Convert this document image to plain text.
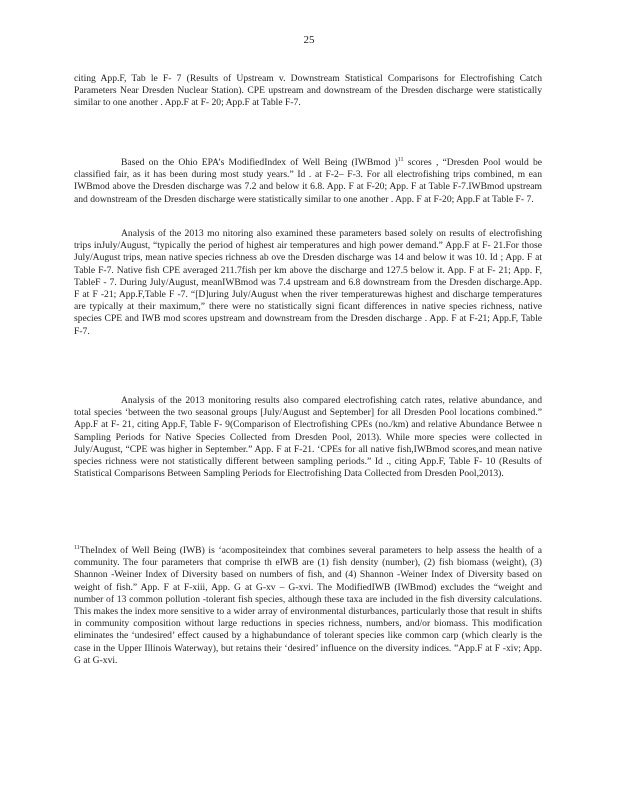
25

citing App.F, Tab le F- 7 (Results of Upstream v. Downstream Statistical Comparisons for Electrofishing Catch Parameters Near Dresden Nuclear Station). CPE upstream and downstream of the Dresden discharge were statistically similar to one another . App.F at F- 20; App.F at Table F-7.

Based on the Ohio EPA’s ModifiedIndex of Well Being (IWBmod )$^{11}$ scores , “Dresden Pool would be classified fair, as it has been during most study years.” Id . at F-2– F-3. For all electrofishing trips combined, m ean IWBmod above the Dresden discharge was 7.2 and below it 6.8. App. F at F-20; App. F at Table F-7.IWBmod upstream and downstream of the Dresden discharge were statistically similar to one another . App. F at F-20; App.F at Table F- 7.

Analysis of the 2013 mo nitoring also examined these parameters based solely on results of electrofishing trips inJuly/August, “typically the period of highest air temperatures and high power demand.” App.F at F- 21.For those July/August trips, mean native species richness ab ove the Dresden discharge was 14 and below it was 10. Id ; App. F at Table F-7. Native fish CPE averaged 211.7fish per km above the discharge and 127.5 below it. App. F at F- 21; App. F, TableF - 7. During July/August, meanIWBmod was 7.4 upstream and 6.8 downstream from the Dresden discharge.App. F at F -21; App.F,Table F -7. “[D]uring July/August when the river temperaturewas highest and discharge temperatures are typically at their maximum,” there were no statistically signi ficant differences in native species richness, native species CPE and IWB mod scores upstream and downstream from the Dresden discharge . App. F at F-21; App.F, Table F-7.

Analysis of the 2013 monitoring results also compared electrofishing catch rates, relative abundance, and total species ‘between the two seasonal groups [July/August and September] for all Dresden Pool locations combined.” App.F at F- 21, citing App.F, Table F- 9(Comparison of Electrofishing CPEs (no./km) and relative Abundance Betwee n Sampling Periods for Native Species Collected from Dresden Pool, 2013). While more species were collected in July/August, “CPE was higher in September.” App. F at F-21. ‘CPEs for all native fish,IWBmod scores,and mean native species richness were not statistically different between sampling periods.” Id ., citing App.F, Table F- 10 (Results of Statistical Comparisons Between Sampling Periods for Electrofishing Data Collected from Dresden Pool,2013).

$^{11}$TheIndex of Well Being (IWB) is ‘acompositeindex that combines several parameters to help assess the health of a community. The four parameters that comprise th eIWB are (1) fish density (number), (2) fish biomass (weight), (3) Shannon -Weiner Index of Diversity based on numbers of fish, and (4) Shannon -Weiner Index of Diversity based on weight of fish.” App. F at F-xiii, App. G at G-xv – G-xvi. The ModifiedIWB (IWBmod) excludes the “weight and number of 13 common pollution -tolerant fish species, although these taxa are included in the fish diversity calculations. This makes the index more sensitive to a wider array of environmental disturbances, particularly those that result in shifts in community composition without large reductions in species richness, numbers, and/or biomass. This modification eliminates the ‘undesired’ effect caused by a highabundance of tolerant species like common carp (which clearly is the case in the Upper Illinois Waterway), but retains their ‘desired’ influence on the diversity indices. ”App.F at F -xiv; App. G at G-xvi.
